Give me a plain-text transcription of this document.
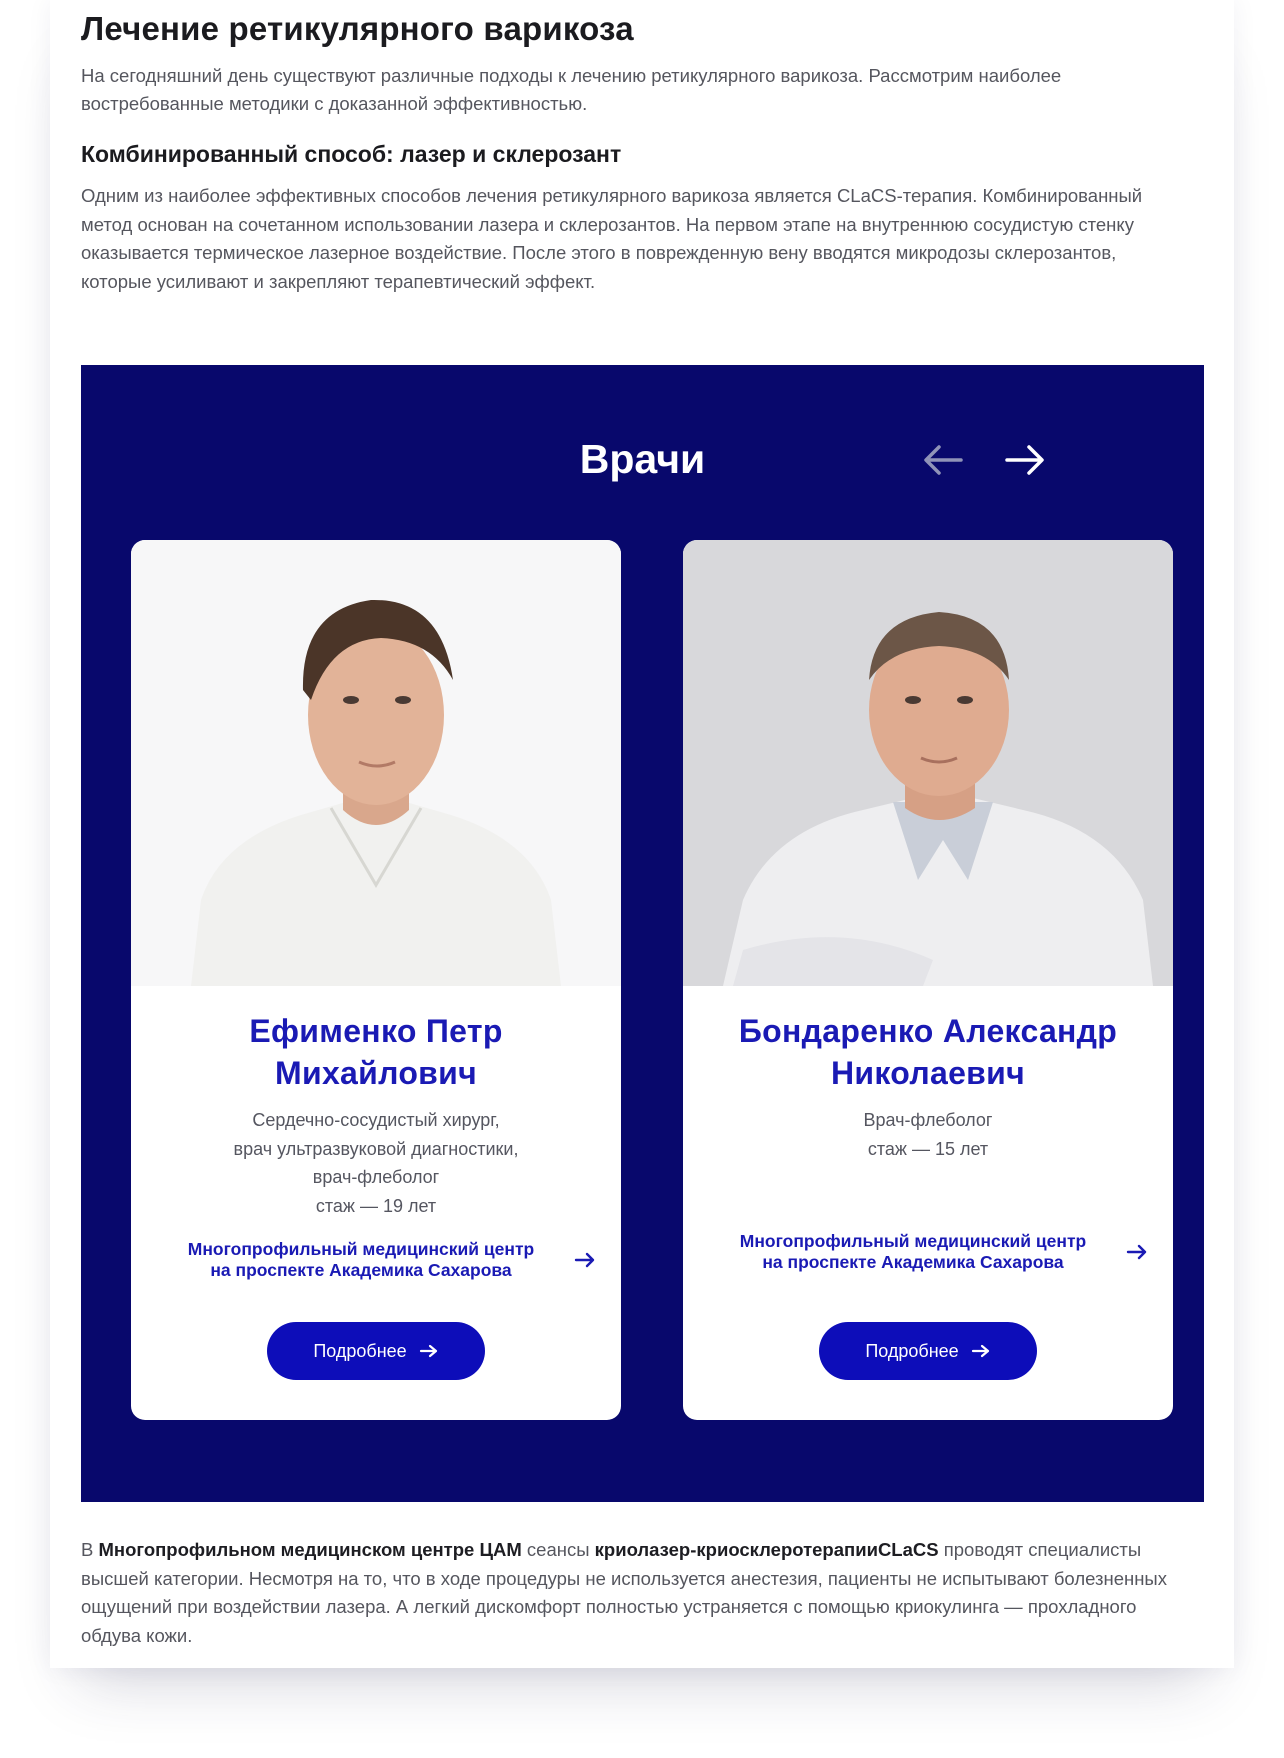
Лечение ретикулярного варикоза

На сегодняшний день существуют различные подходы к лечению ретикулярного варикоза. Рассмотрим наиболее востребованные методики с доказанной эффективностью.

Комбинированный способ: лазер и склерозант

Одним из наиболее эффективных способов лечения ретикулярного варикоза является CLaCS-терапия. Комбинированный метод основан на сочетанном использовании лазера и склерозантов. На первом этапе на внутреннюю сосудистую стенку оказывается термическое лазерное воздействие. После этого в поврежденную вену вводятся микродозы склерозантов, которые усиливают и закрепляют терапевтический эффект.

Врачи
Ефименко Петр
Михайлович

Сердечно-сосудистый хирург,
врач ультразвуковой диагностики,
врач-флеболог
стаж — 19 лет

Многопрофильный медицинский центр
на проспекте Академика Сахарова
Подробнее
Бондаренко Александр
Николаевич

Врач-флеболог
стаж — 15 лет

Многопрофильный медицинский центр
на проспекте Академика Сахарова
Подробнее

В Многопрофильном медицинском центре ЦАМ сеансы криолазер-криосклеротерапииCLaCS проводят специалисты высшей категории. Несмотря на то, что в ходе процедуры не используется анестезия, пациенты не испытывают болезненных ощущений при воздействии лазера. А легкий дискомфорт полностью устраняется с помощью криокулинга — прохладного обдува кожи.
